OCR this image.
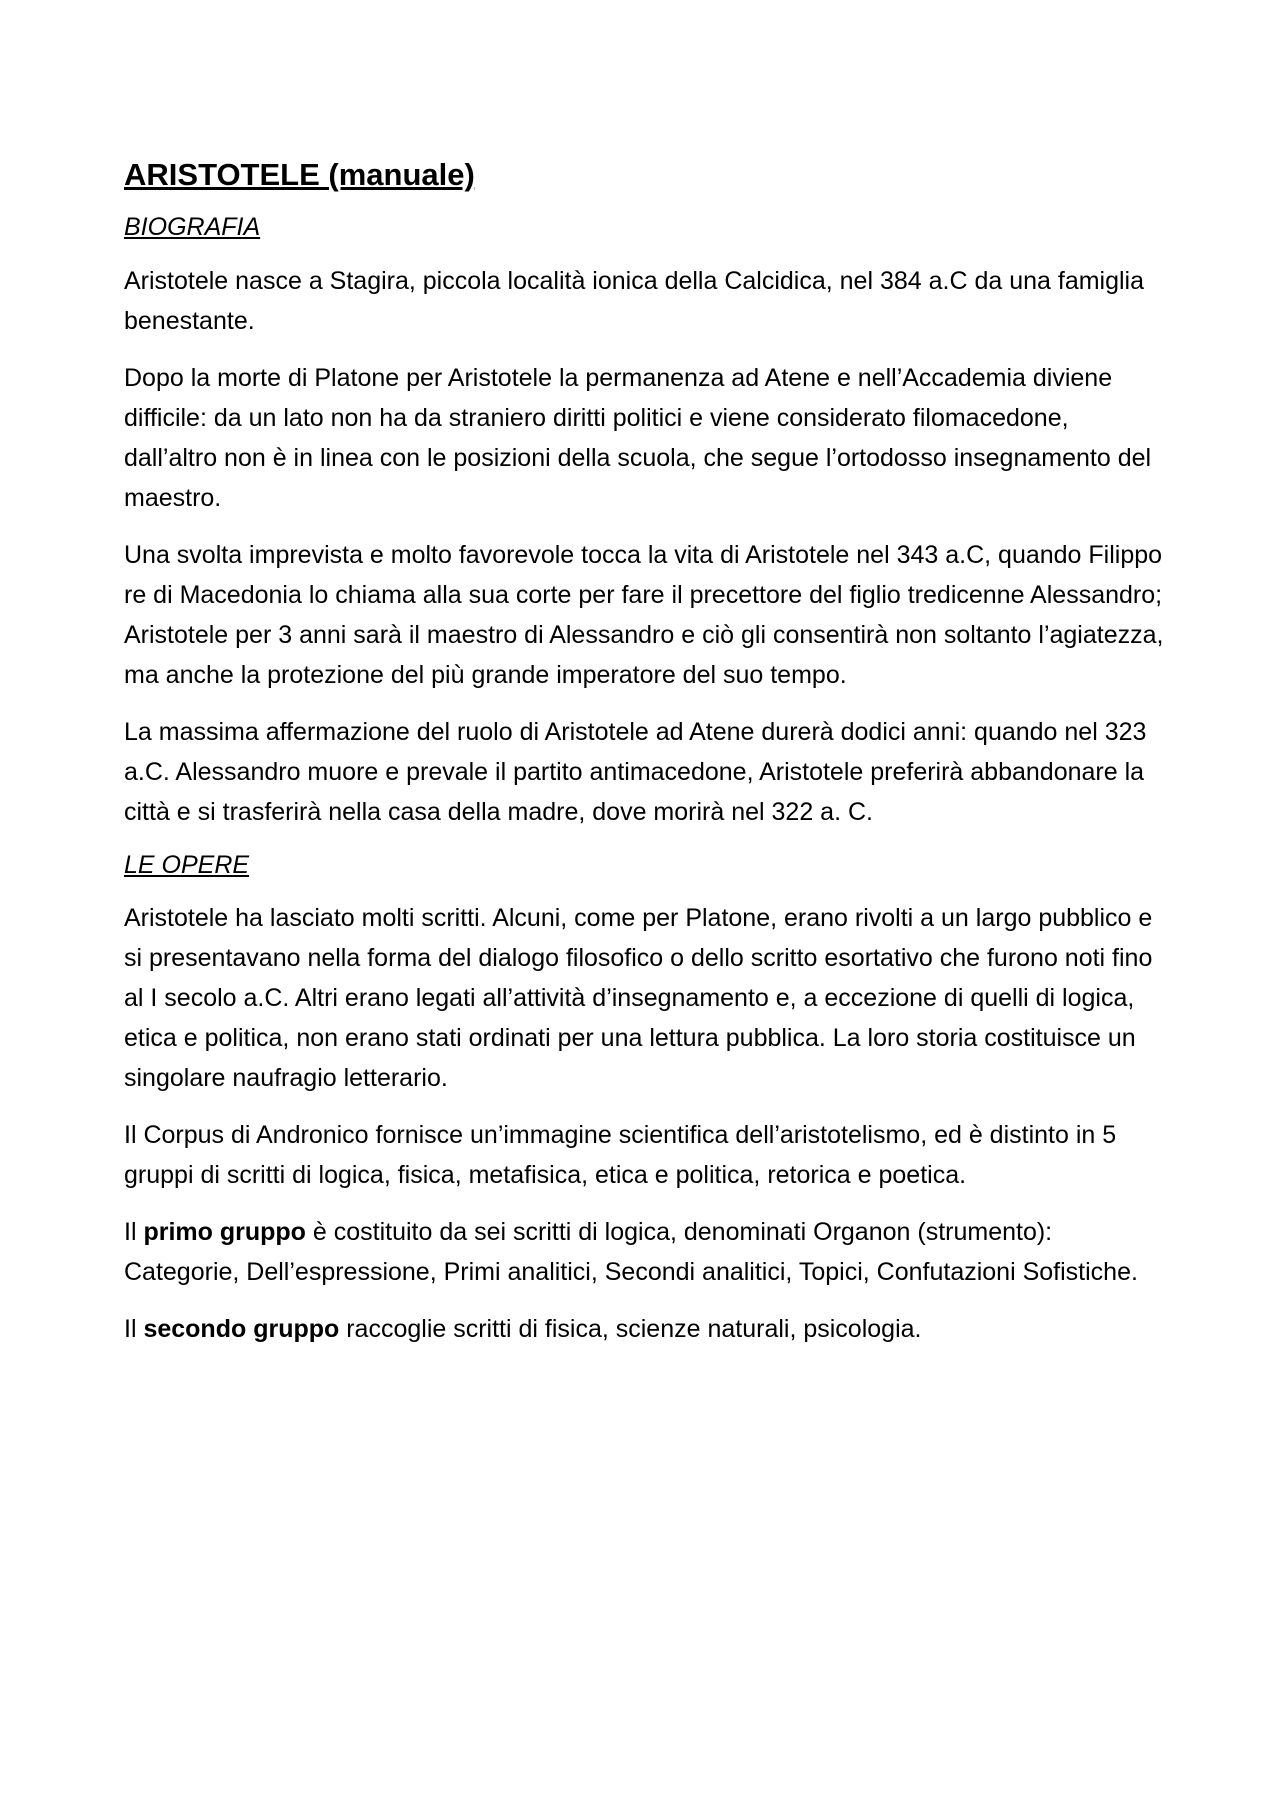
ARISTOTELE (manuale)
BIOGRAFIA

Aristotele nasce a Stagira, piccola località ionica della Calcidica, nel 384 a.C da una famiglia benestante.

Dopo la morte di Platone per Aristotele la permanenza ad Atene e nell’Accademia diviene difficile: da un lato non ha da straniero diritti politici e viene considerato filomacedone, dall’altro non è in linea con le posizioni della scuola, che segue l’ortodosso insegnamento del maestro.

Una svolta imprevista e molto favorevole tocca la vita di Aristotele nel 343 a.C, quando Filippo re di Macedonia lo chiama alla sua corte per fare il precettore del figlio tredicenne Alessandro; Aristotele per 3 anni sarà il maestro di Alessandro e ciò gli consentirà non soltanto l’agiatezza, ma anche la protezione del più grande imperatore del suo tempo.

La massima affermazione del ruolo di Aristotele ad Atene durerà dodici anni: quando nel 323 a.C. Alessandro muore e prevale il partito antimacedone, Aristotele preferirà abbandonare la città e si trasferirà nella casa della madre, dove morirà nel 322 a. C.

LE OPERE

Aristotele ha lasciato molti scritti. Alcuni, come per Platone, erano rivolti a un largo pubblico e si presentavano nella forma del dialogo filosofico o dello scritto esortativo che furono noti fino al I secolo a.C. Altri erano legati all’attività d’insegnamento e, a eccezione di quelli di logica, etica e politica, non erano stati ordinati per una lettura pubblica. La loro storia costituisce un singolare naufragio letterario.

Il Corpus di Andronico fornisce un’immagine scientifica dell’aristotelismo, ed è distinto in 5 gruppi di scritti di logica, fisica, metafisica, etica e politica, retorica e poetica.

Il primo gruppo è costituito da sei scritti di logica, denominati Organon (strumento): Categorie, Dell’espressione, Primi analitici, Secondi analitici, Topici, Confutazioni Sofistiche.

Il secondo gruppo raccoglie scritti di fisica, scienze naturali, psicologia.
